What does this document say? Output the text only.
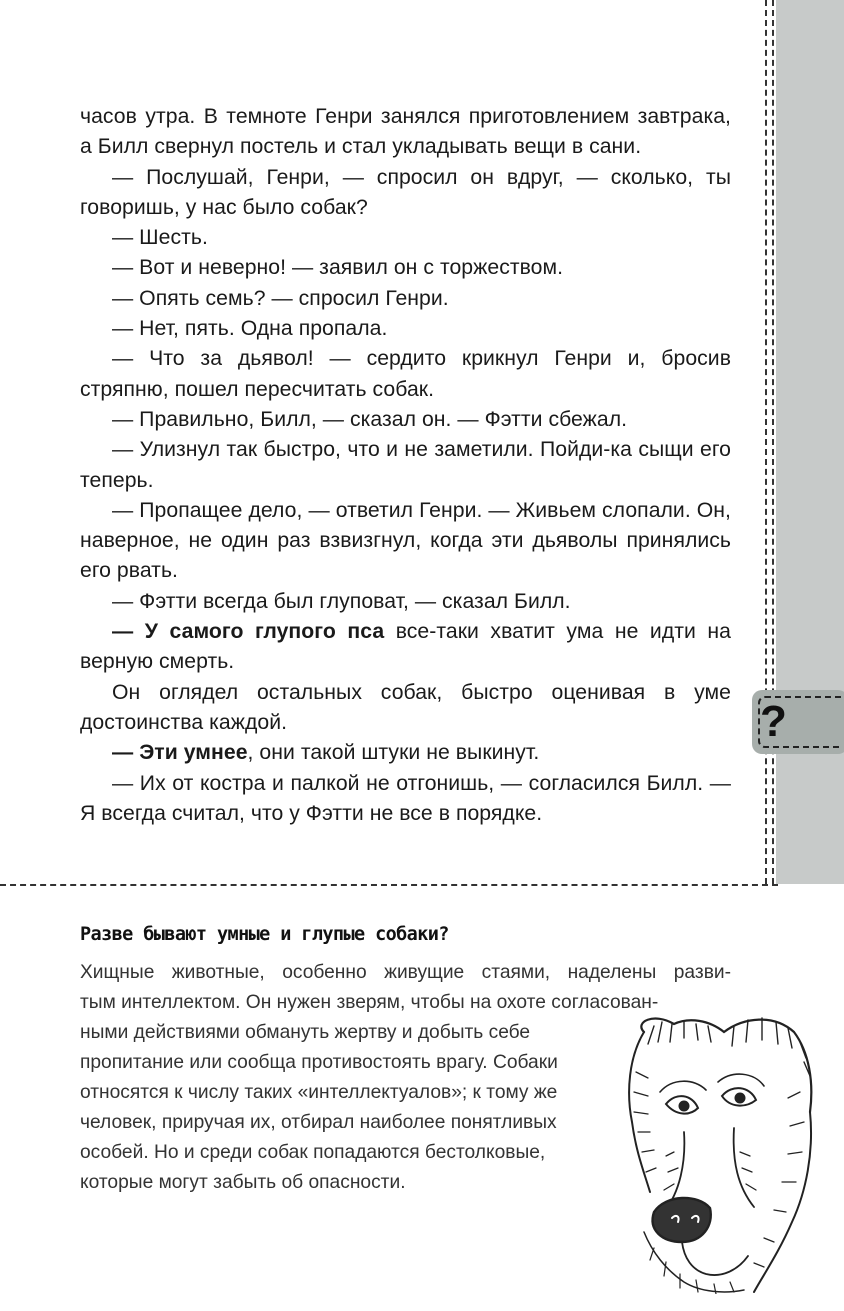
?

часов утра. В темноте Генри занялся приготовлением завтрака, а Билл свернул постель и стал укладывать вещи в сани.

— Послушай, Генри, — спросил он вдруг, — сколько, ты говоришь, у нас было собак?

— Шесть.

— Вот и неверно! — заявил он с торжеством.

— Опять семь? — спросил Генри.

— Нет, пять. Одна пропала.

— Что за дьявол! — сердито крикнул Генри и, бросив стряпню, пошел пересчитать собак.

— Правильно, Билл, — сказал он. — Фэтти сбежал.

— Улизнул так быстро, что и не заметили. Пойди-ка сыщи его теперь.

— Пропащее дело, — ответил Генри. — Живьем слопали. Он, наверное, не один раз взвизгнул, когда эти дьяволы принялись его рвать.

— Фэтти всегда был глуповат, — сказал Билл.

— У самого глупого пса все-таки хватит ума не идти на верную смерть.

Он оглядел остальных собак, быстро оценивая в уме достоинства каждой.

— Эти умнее, они такой штуки не выкинут.

— Их от костра и палкой не отгонишь, — согласился Билл. — Я всегда считал, что у Фэтти не все в порядке.

Разве бывают умные и глупые собаки?
Хищные животные, особенно живущие стаями, наделены разви-
тым интеллектом. Он нужен зверям, чтобы на охоте согласован-
ными действиями обмануть жертву и добыть себе
пропитание или сообща противостоять врагу. Собаки
относятся к числу таких «интеллектуалов»; к тому же
человек, приручая их, отбирал наиболее понятливых
особей. Но и среди собак попадаются бестолковые,
которые могут забыть об опасности.
